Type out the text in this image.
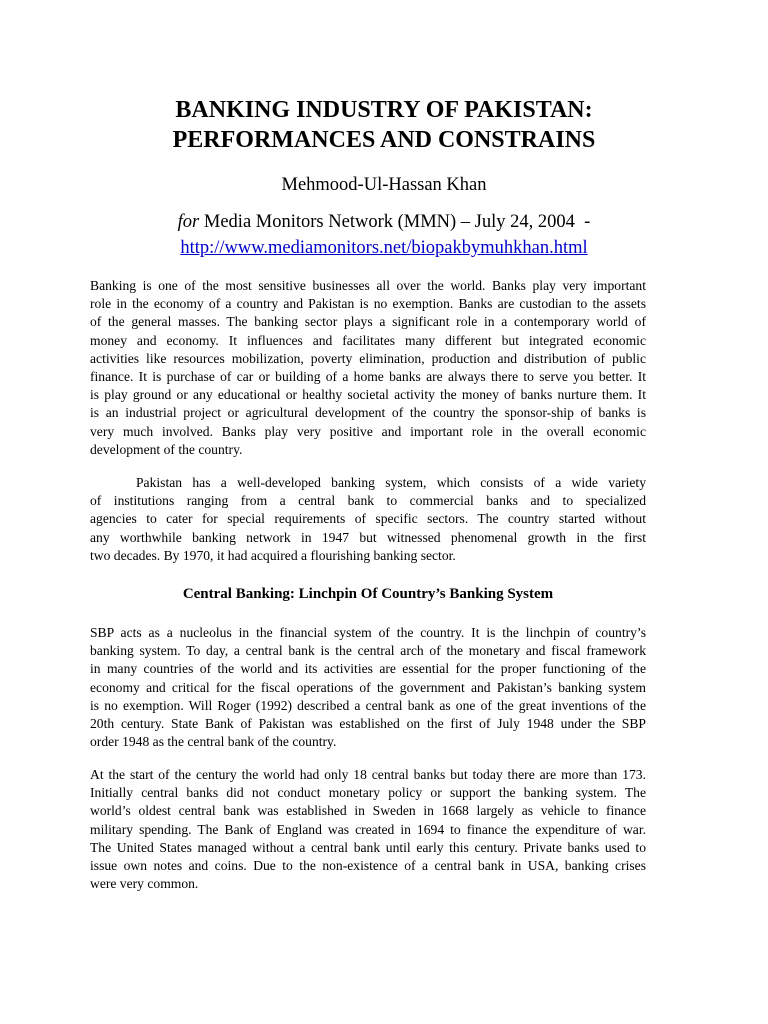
BANKING INDUSTRY OF PAKISTAN:
PERFORMANCES AND CONSTRAINS
Mehmood-Ul-Hassan Khan
for Media Monitors Network (MMN) – July 24, 2004  -
http://www.mediamonitors.net/biopakbymuhkhan.html
Banking is one of the most sensitive businesses all over the world. Banks play very important
role in the economy of a country and Pakistan is no exemption. Banks are custodian to the assets
of the general masses. The banking sector plays a significant role in a contemporary world of
money and economy. It influences and facilitates many different but integrated economic
activities like resources mobilization, poverty elimination, production and distribution of public
finance. It is purchase of car or building of a home banks are always there to serve you better. It
is play ground or any educational or healthy societal activity the money of banks nurture them. It
is an industrial project or agricultural development of the country the sponsor-ship of banks is
very much involved. Banks play very positive and important role in the overall economic
development of the country.
Pakistan has a well-developed banking system, which consists of a wide variety
of institutions ranging from a central bank to commercial banks and to specialized
agencies to cater for special requirements of specific sectors. The country started without
any worthwhile banking network in 1947 but witnessed phenomenal growth in the first
two decades. By 1970, it had acquired a flourishing banking sector.
Central Banking: Linchpin Of Country’s Banking System
SBP acts as a nucleolus in the financial system of the country. It is the linchpin of country’s
banking system. To day, a central bank is the central arch of the monetary and fiscal framework
in many countries of the world and its activities are essential for the proper functioning of the
economy and critical for the fiscal operations of the government and Pakistan’s banking system
is no exemption. Will Roger (1992) described a central bank as one of the great inventions of the
20th century. State Bank of Pakistan was established on the first of July 1948 under the SBP
order 1948 as the central bank of the country.
At the start of the century the world had only 18 central banks but today there are more than 173.
Initially central banks did not conduct monetary policy or support the banking system. The
world’s oldest central bank was established in Sweden in 1668 largely as vehicle to finance
military spending. The Bank of England was created in 1694 to finance the expenditure of war.
The United States managed without a central bank until early this century. Private banks used to
issue own notes and coins. Due to the non-existence of a central bank in USA, banking crises
were very common.
